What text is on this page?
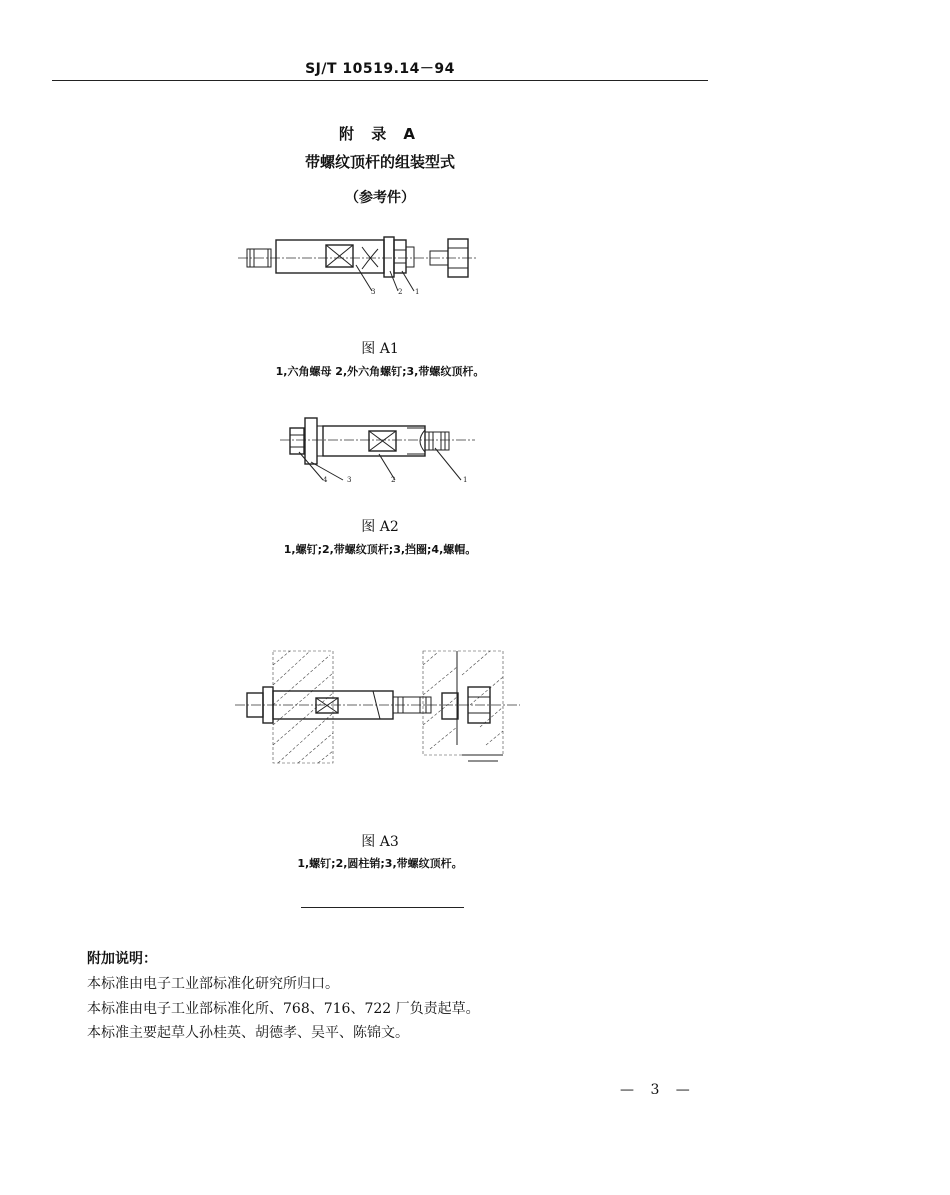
SJ/T 10519.14－94
附 录 A
带螺纹顶杆的组装型式
（参考件）
3	2 1
图 A1
1,六角螺母 2,外六角螺钉;3,带螺纹顶杆。
4	3	2	1
图 A2
1,螺钉;2,带螺纹顶杆;3,挡圈;4,螺帽。
图 A3
1,螺钉;2,圆柱销;3,带螺纹顶杆。
附加说明：
本标准由电子工业部标准化研究所归口。
本标准由电子工业部标准化所、768、716、722 厂负责起草。
本标准主要起草人孙桂英、胡德孝、吴平、陈锦文。
— 3 —
